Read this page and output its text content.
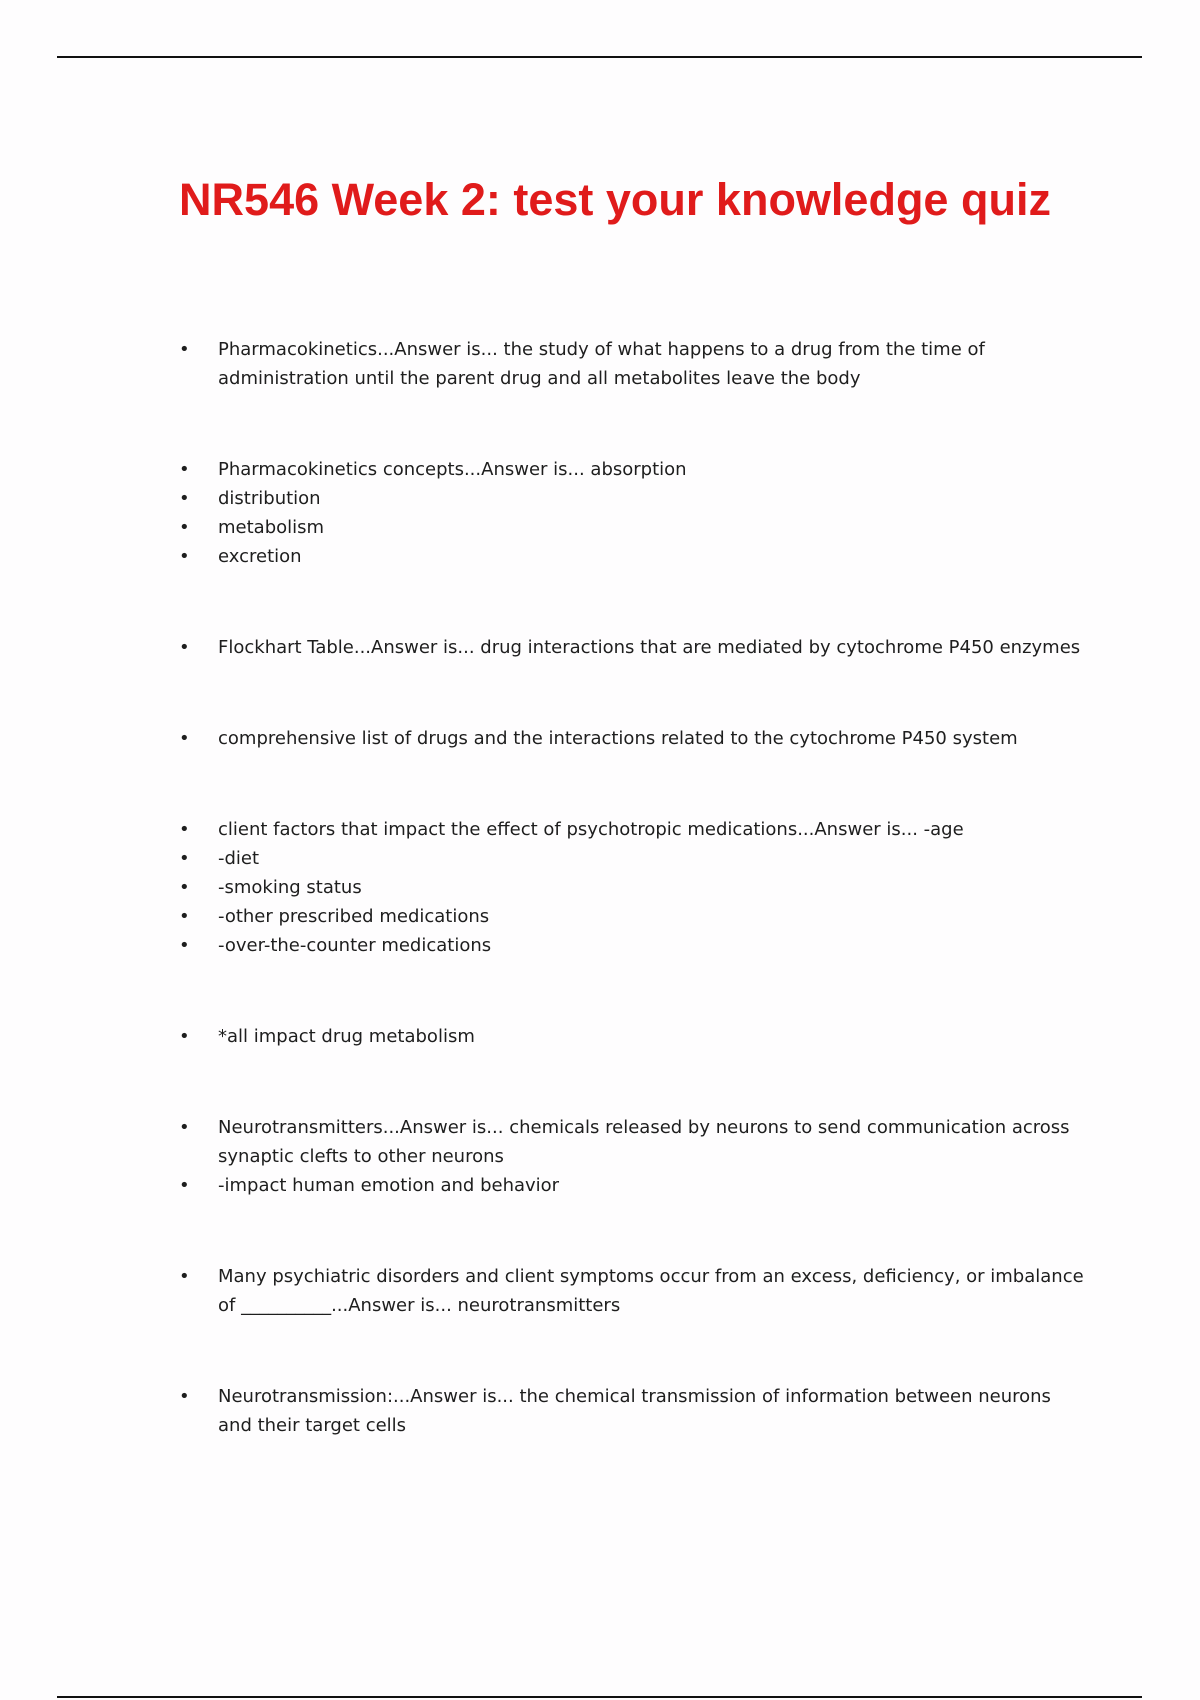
NR546 Week 2: test your knowledge quiz
• Pharmacokinetics...Answer is... the study of what happens to a drug from the time of administration until the parent drug and all metabolites leave the body
• Pharmacokinetics concepts...Answer is... absorption
• distribution
• metabolism
• excretion
• Flockhart Table...Answer is... drug interactions that are mediated by cytochrome P450 enzymes
• comprehensive list of drugs and the interactions related to the cytochrome P450 system
• client factors that impact the effect of psychotropic medications...Answer is... -age
• -diet
• -smoking status
• -other prescribed medications
• -over-the-counter medications
• *all impact drug metabolism
• Neurotransmitters...Answer is... chemicals released by neurons to send communication across synaptic clefts to other neurons
• -impact human emotion and behavior
• Many psychiatric disorders and client symptoms occur from an excess, deficiency, or imbalance of __________...Answer is... neurotransmitters
• Neurotransmission:...Answer is... the chemical transmission of information between neurons and their target cells
